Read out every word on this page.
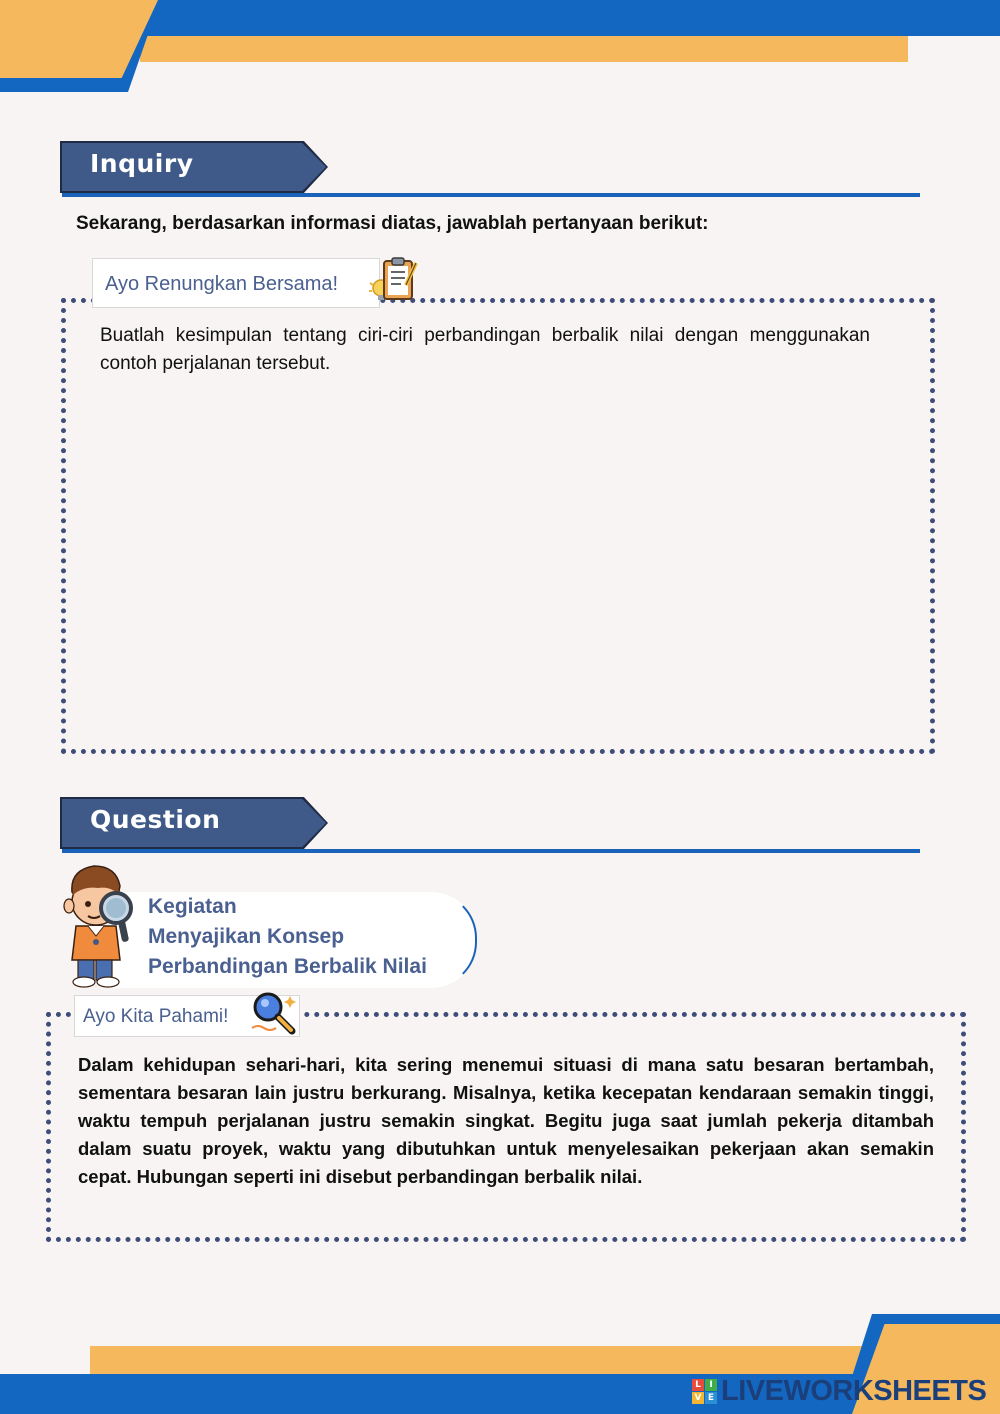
Inquiry
Sekarang, berdasarkan informasi diatas, jawablah pertanyaan berikut:
Ayo Renungkan Bersama!
Buatlah kesimpulan tentang ciri-ciri perbandingan berbalik nilai dengan menggunakan contoh perjalanan tersebut.
Question
Kegiatan
Menyajikan Konsep
Perbandingan Berbalik Nilai
Ayo Kita Pahami!
Dalam kehidupan sehari-hari, kita sering menemui situasi di mana satu besaran bertambah, sementara besaran lain justru berkurang. Misalnya, ketika kecepatan kendaraan semakin tinggi, waktu tempuh perjalanan justru semakin singkat. Begitu juga saat jumlah pekerja ditambah dalam suatu proyek, waktu yang dibutuhkan untuk menyelesaikan pekerjaan akan semakin cepat. Hubungan seperti ini disebut perbandingan berbalik nilai.
L I
V E LIVEWORKSHEETS
